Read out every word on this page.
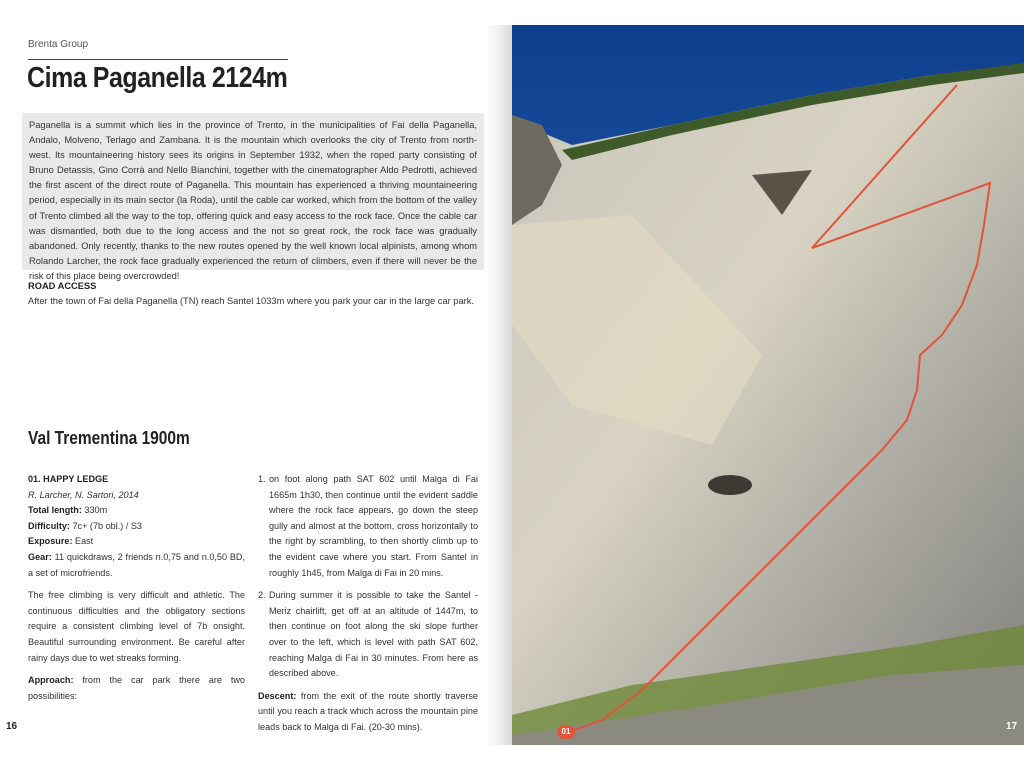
Brenta Group
Cima Paganella 2124m
Paganella is a summit which lies in the province of Trento, in the municipalities of Fai della Paganella, Andalo, Molveno, Terlago and Zambana. It is the mountain which overlooks the city of Trento from north-west. Its mountaineering history sees its origins in September 1932, when the roped party consisting of Bruno Detassis, Gino Corrà and Nello Bianchini, together with the cinematographer Aldo Pedrotti, achieved the first ascent of the direct route of Paganella. This mountain has experienced a thriving mountaineering period, especially in its main sector (la Roda), until the cable car worked, which from the bottom of the valley of Trento climbed all the way to the top, offering quick and easy access to the rock face. Once the cable car was dismantled, both due to the long access and the not so great rock, the rock face was gradually abandoned. Only recently, thanks to the new routes opened by the well known local alpinists, among whom Rolando Larcher, the rock face gradually experienced the return of climbers, even if there will never be the risk of this place being overcrowded!
ROAD ACCESS
After the town of Fai della Paganella (TN) reach Santel 1033m where you park your car in the large car park.
Val Trementina 1900m

01. HAPPY LEDGE
R. Larcher, N. Sartori, 2014
Total length: 330m
Difficulty: 7c+ (7b obl.) / S3
Exposure: East
Gear: 11 quickdraws, 2 friends n.0,75 and n.0,50 BD, a set of microfriends.

The free climbing is very difficult and athletic. The continuous difficulties and the obligatory sections require a consistent climbing level of 7b onsight. Beautiful surrounding environment. Be careful after rainy days due to wet streaks forming.

Approach: from the car park there are two possibilities:

1. on foot along path SAT 602 until Malga di Fai 1665m 1h30, then continue until the evident saddle where the rock face appears, go down the steep gully and almost at the bottom, cross horizontally to the right by scrambling, to then shortly climb up to the evident cave where you start. From Santel in roughly 1h45, from Malga di Fai in 20 mins.

2. During summer it is possible to take the Santel -Meriz chairlift, get off at an altitude of 1447m, to then continue on foot along the ski slope further over to the left, which is level with path SAT 602, reaching Malga di Fai in 30 minutes. From here as described above.

Descent: from the exit of the route shortly traverse until you reach a track which across the mountain pine leads back to Malga di Fai. (20-30 mins).

16	01	17
